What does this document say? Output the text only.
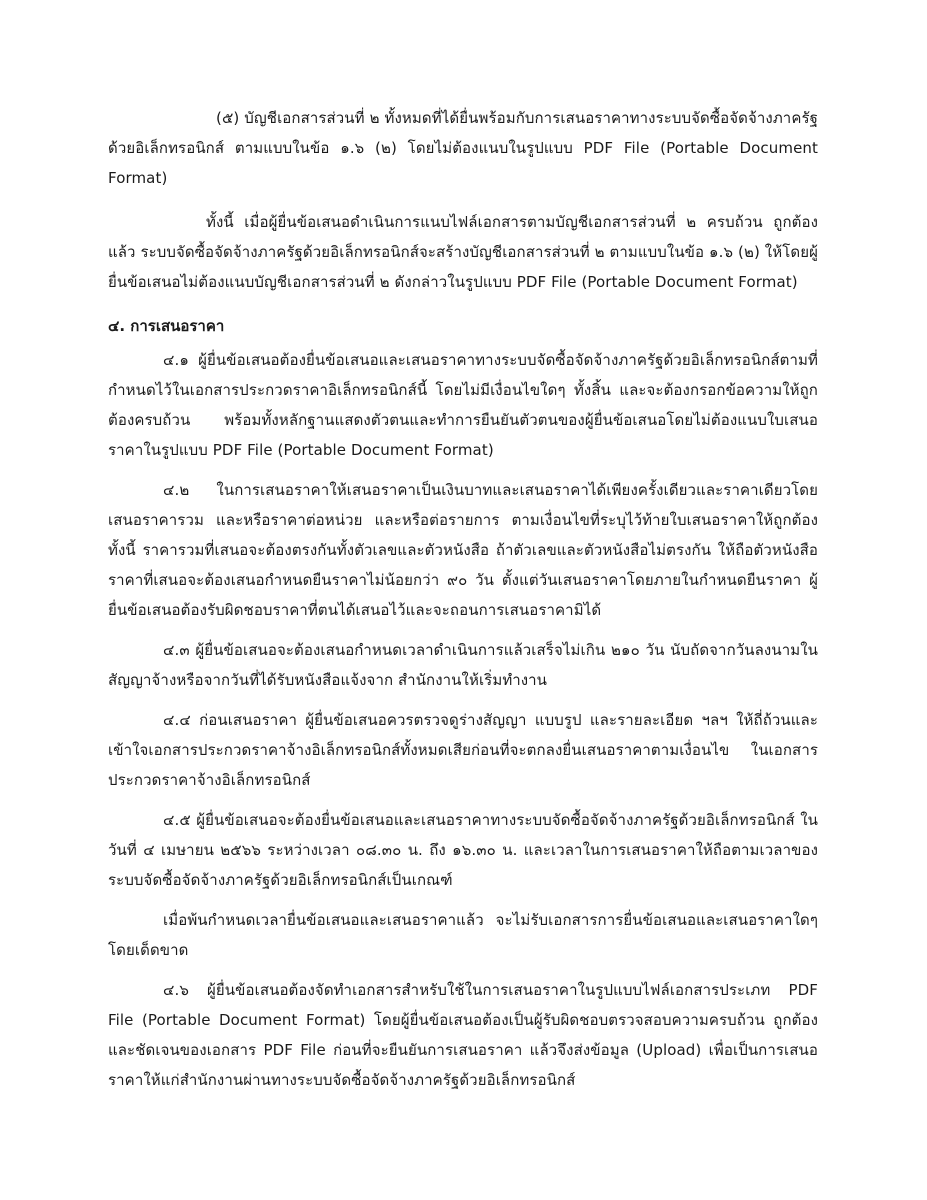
(๕) บัญชีเอกสารส่วนที่ ๒ ทั้งหมดที่ได้ยื่นพร้อมกับการเสนอราคาทางระบบจัดซื้อจัดจ้างภาครัฐด้วยอิเล็กทรอนิกส์ ตามแบบในข้อ ๑.๖ (๒) โดยไม่ต้องแนบในรูปแบบ PDF File (Portable Document Format)

ทั้งนี้ เมื่อผู้ยื่นข้อเสนอดำเนินการแนบไฟล์เอกสารตามบัญชีเอกสารส่วนที่ ๒ ครบถ้วน ถูกต้องแล้ว ระบบจัดซื้อจัดจ้างภาครัฐด้วยอิเล็กทรอนิกส์จะสร้างบัญชีเอกสารส่วนที่ ๒ ตามแบบในข้อ ๑.๖ (๒) ให้โดยผู้ยื่นข้อเสนอไม่ต้องแนบบัญชีเอกสารส่วนที่ ๒ ดังกล่าวในรูปแบบ PDF File (Portable Document Format)

๔. การเสนอราคา

๔.๑ ผู้ยื่นข้อเสนอต้องยื่นข้อเสนอและเสนอราคาทางระบบจัดซื้อจัดจ้างภาครัฐด้วยอิเล็กทรอนิกส์ตามที่กำหนดไว้ในเอกสารประกวดราคาอิเล็กทรอนิกส์นี้ โดยไม่มีเงื่อนไขใดๆ ทั้งสิ้น และจะต้องกรอกข้อความให้ถูกต้องครบถ้วน พร้อมทั้งหลักฐานแสดงตัวตนและทำการยืนยันตัวตนของผู้ยื่นข้อเสนอโดยไม่ต้องแนบใบเสนอราคาในรูปแบบ PDF File (Portable Document Format)

๔.๒ ในการเสนอราคาให้เสนอราคาเป็นเงินบาทและเสนอราคาได้เพียงครั้งเดียวและราคาเดียวโดยเสนอราคารวม และหรือราคาต่อหน่วย และหรือต่อรายการ ตามเงื่อนไขที่ระบุไว้ท้ายใบเสนอราคาให้ถูกต้อง ทั้งนี้ ราคารวมที่เสนอจะต้องตรงกันทั้งตัวเลขและตัวหนังสือ ถ้าตัวเลขและตัวหนังสือไม่ตรงกัน ให้ถือตัวหนังสือ ราคาที่เสนอจะต้องเสนอกำหนดยืนราคาไม่น้อยกว่า ๙๐ วัน ตั้งแต่วันเสนอราคาโดยภายในกำหนดยืนราคา ผู้ยื่นข้อเสนอต้องรับผิดชอบราคาที่ตนได้เสนอไว้และจะถอนการเสนอราคามิได้

๔.๓ ผู้ยื่นข้อเสนอจะต้องเสนอกำหนดเวลาดำเนินการแล้วเสร็จไม่เกิน ๒๑๐ วัน นับถัดจากวันลงนามในสัญญาจ้างหรือจากวันที่ได้รับหนังสือแจ้งจาก สำนักงานให้เริ่มทำงาน

๔.๔ ก่อนเสนอราคา ผู้ยื่นข้อเสนอควรตรวจดูร่างสัญญา แบบรูป และรายละเอียด ฯลฯ ให้ถี่ถ้วนและเข้าใจเอกสารประกวดราคาจ้างอิเล็กทรอนิกส์ทั้งหมดเสียก่อนที่จะตกลงยื่นเสนอราคาตามเงื่อนไข ในเอกสารประกวดราคาจ้างอิเล็กทรอนิกส์

๔.๕ ผู้ยื่นข้อเสนอจะต้องยื่นข้อเสนอและเสนอราคาทางระบบจัดซื้อจัดจ้างภาครัฐด้วยอิเล็กทรอนิกส์ ในวันที่ ๔ เมษายน ๒๕๖๖ ระหว่างเวลา ๐๘.๓๐ น. ถึง ๑๖.๓๐ น. และเวลาในการเสนอราคาให้ถือตามเวลาของระบบจัดซื้อจัดจ้างภาครัฐด้วยอิเล็กทรอนิกส์เป็นเกณฑ์

เมื่อพ้นกำหนดเวลายื่นข้อเสนอและเสนอราคาแล้ว จะไม่รับเอกสารการยื่นข้อเสนอและเสนอราคาใดๆ โดยเด็ดขาด

๔.๖ ผู้ยื่นข้อเสนอต้องจัดทำเอกสารสำหรับใช้ในการเสนอราคาในรูปแบบไฟล์เอกสารประเภท PDF File (Portable Document Format) โดยผู้ยื่นข้อเสนอต้องเป็นผู้รับผิดชอบตรวจสอบความครบถ้วน ถูกต้อง และชัดเจนของเอกสาร PDF File ก่อนที่จะยืนยันการเสนอราคา แล้วจึงส่งข้อมูล (Upload) เพื่อเป็นการเสนอราคาให้แก่สำนักงานผ่านทางระบบจัดซื้อจัดจ้างภาครัฐด้วยอิเล็กทรอนิกส์
